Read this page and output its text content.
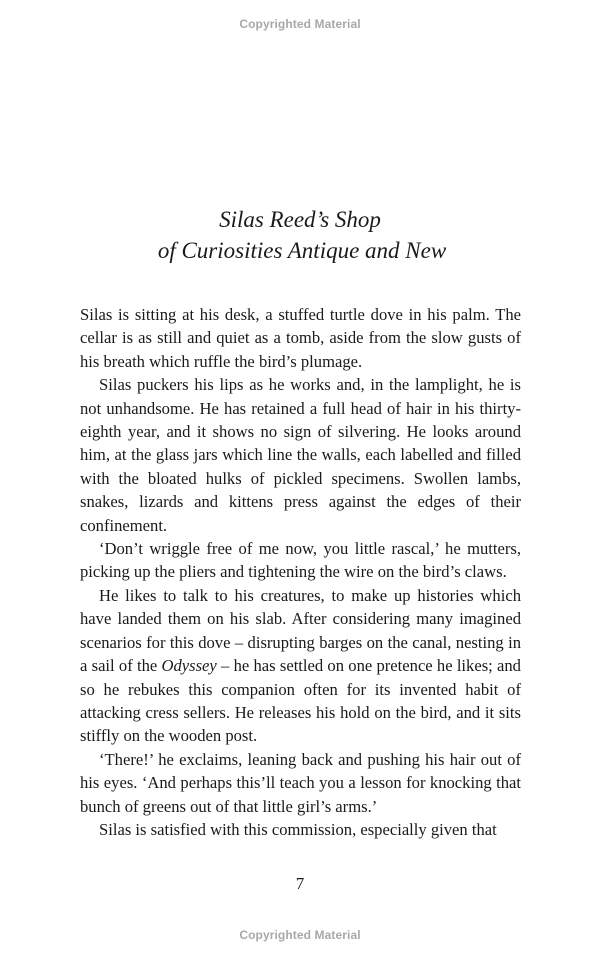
Copyrighted Material
Silas Reed’s Shop
of Curiosities Antique and New

Silas is sitting at his desk, a stuffed turtle dove in his palm. The cellar is as still and quiet as a tomb, aside from the slow gusts of his breath which ruffle the bird’s plumage.

Silas puckers his lips as he works and, in the lamplight, he is not unhandsome. He has retained a full head of hair in his thirty-eighth year, and it shows no sign of silvering. He looks around him, at the glass jars which line the walls, each labelled and filled with the bloated hulks of pickled specimens. Swollen lambs, snakes, lizards and kittens press against the edges of their confinement.

‘Don’t wriggle free of me now, you little rascal,’ he mutters, picking up the pliers and tightening the wire on the bird’s claws.

He likes to talk to his creatures, to make up histories which have landed them on his slab. After considering many imagined scenarios for this dove – disrupting barges on the canal, nesting in a sail of the Odyssey – he has settled on one pretence he likes; and so he rebukes this companion often for its invented habit of attacking cress sellers. He releases his hold on the bird, and it sits stiffly on the wooden post.

‘There!’ he exclaims, leaning back and pushing his hair out of his eyes. ‘And perhaps this’ll teach you a lesson for knocking that bunch of greens out of that little girl’s arms.’

Silas is satisfied with this commission, especially given that

7
Copyrighted Material
